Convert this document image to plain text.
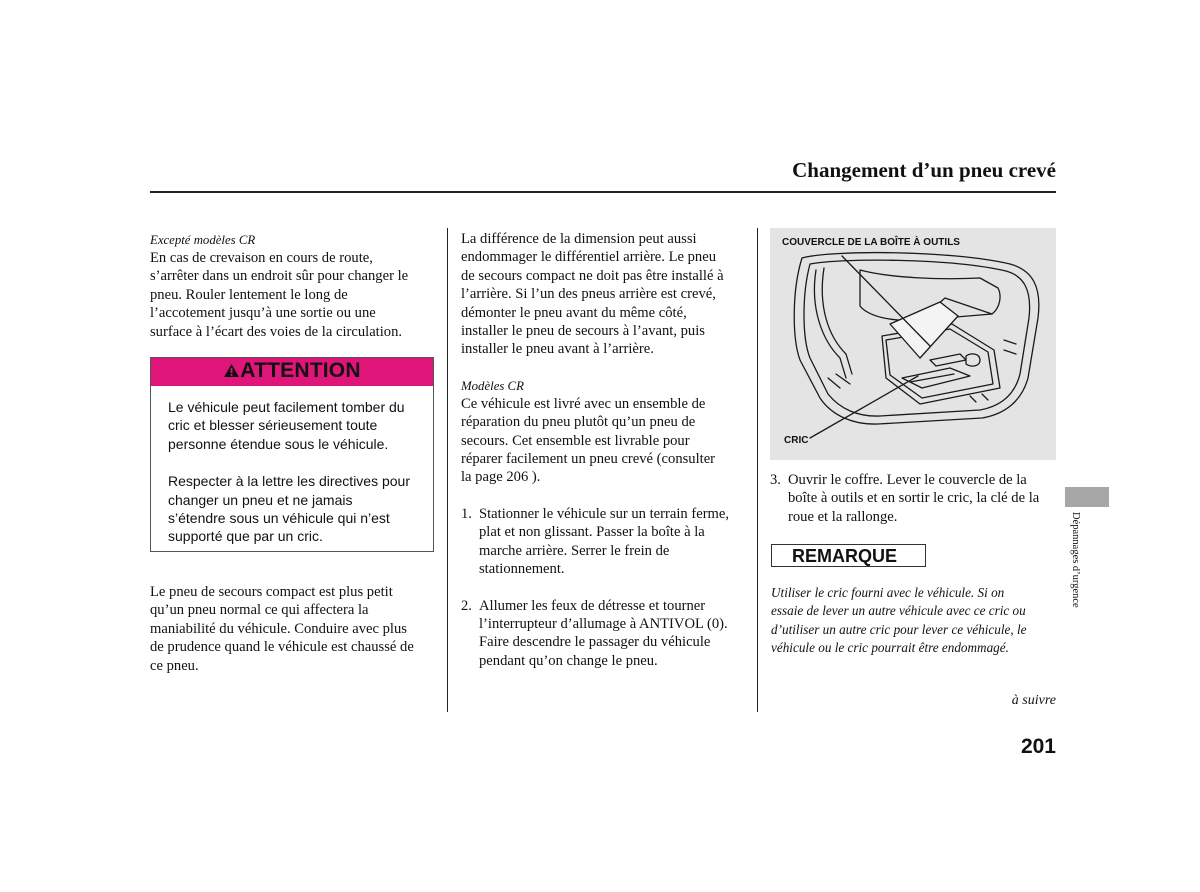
Changement d’un pneu crevé

Excepté modèles CR

En cas de crevaison en cours de route,

s’arrêter dans un endroit sûr pour changer le

pneu. Rouler lentement le long de

l’accotement jusqu’à une sortie ou une

surface à l’écart des voies de la circulation.

ATTENTION

Le véhicule peut facilement tomber du

cric et blesser sérieusement toute

personne étendue sous le véhicule.

Respecter à la lettre les directives pour

changer un pneu et ne jamais

s’étendre sous un véhicule qui n’est

supporté que par un cric.

Le pneu de secours compact est plus petit

qu’un pneu normal ce qui affectera la

maniabilité du véhicule. Conduire avec plus

de prudence quand le véhicule est chaussé de

ce pneu.

La différence de la dimension peut aussi

endommager le différentiel arrière. Le pneu

de secours compact ne doit pas être installé à

l’arrière. Si l’un des pneus arrière est crevé,

démonter le pneu avant du même côté,

installer le pneu de secours à l’avant, puis

installer le pneu avant à l’arrière.

Modèles CR

Ce véhicule est livré avec un ensemble de

réparation du pneu plutôt qu’un pneu de

secours. Cet ensemble est livrable pour

réparer facilement un pneu crevé (consulter

la page 206 ).

1. Stationner le véhicule sur un terrain ferme,

plat et non glissant. Passer la boîte à la

marche arrière. Serrer le frein de

stationnement.

2. Allumer les feux de détresse et tourner

l’interrupteur d’allumage à ANTIVOL (0).

Faire descendre le passager du véhicule

pendant qu’on change le pneu.

COUVERCLE DE LA BOÎTE À OUTILS
CRIC
3. Ouvrir le coffre. Lever le couvercle de la

boîte à outils et en sortir le cric, la clé de la

roue et la rallonge.

REMARQUE
Utiliser le cric fourni avec le véhicule. Si on
essaie de lever un autre véhicule avec ce cric ou
d’utiliser un autre cric pour lever ce véhicule, le
véhicule ou le cric pourrait être endommagé.
à suivre
Dépannages d’urgence
201
